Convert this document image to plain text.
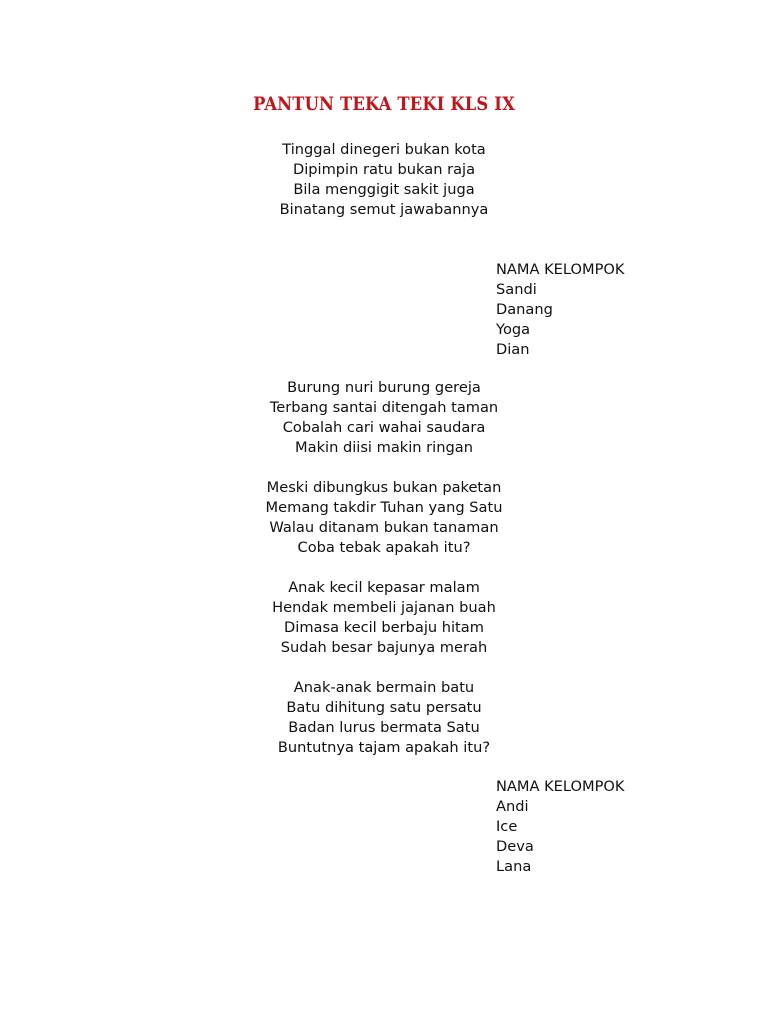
PANTUN TEKA TEKI KLS IX
Tinggal dinegeri bukan kota
Dipimpin ratu bukan raja
Bila menggigit sakit juga
Binatang semut jawabannya
NAMA KELOMPOK
Sandi
Danang
Yoga
Dian
Burung nuri burung gereja
Terbang santai ditengah taman
Cobalah cari wahai saudara
Makin diisi makin ringan
Meski dibungkus bukan paketan
Memang takdir Tuhan yang Satu
Walau ditanam bukan tanaman
Coba tebak apakah itu?
Anak kecil kepasar malam
Hendak membeli jajanan buah
Dimasa kecil berbaju hitam
Sudah besar bajunya merah
Anak-anak bermain batu
Batu dihitung satu persatu
Badan lurus bermata Satu
Buntutnya tajam apakah itu?
NAMA KELOMPOK
Andi
Ice
Deva
Lana
